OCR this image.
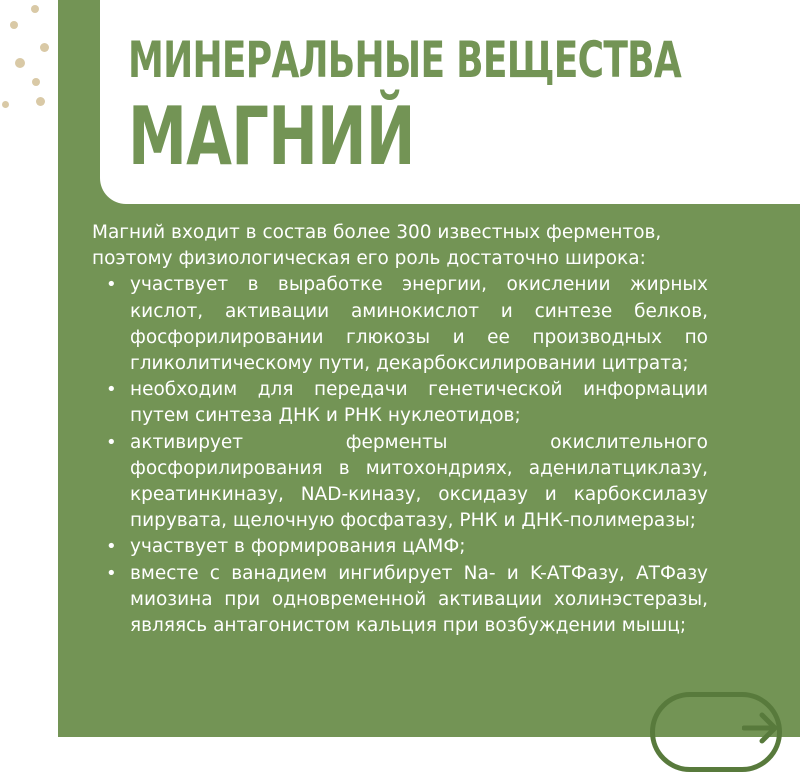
МИНЕРАЛЬНЫЕ ВЕЩЕСТВА
МАГНИЙ

Магний входит в состав более 300 известных ферментов, поэтому физиологическая его роль достаточно широка:

• участвует в выработке энергии, окислении жирных кислот, активации аминокислот и синтезе белков, фосфорилировании глюкозы и ее производных по гликолитическому пути, декарбоксилировании цитрата;
• необходим для передачи генетической информации путем синтеза ДНК и РНК нуклеотидов;
• активирует ферменты окислительного фосфорилирования в митохондриях, аденилатциклазу, креатинкиназу, NAD-киназу, оксидазу и карбоксилазу пирувата, щелочную фосфатазу, РНК и ДНК-полимеразы;
• участвует в формирования цАМФ;
• вместе с ванадием ингибирует Na- и K-АТФазу, АТФазу миозина при одновременной активации холинэстеразы, являясь антагонистом кальция при возбуждении мышц;
